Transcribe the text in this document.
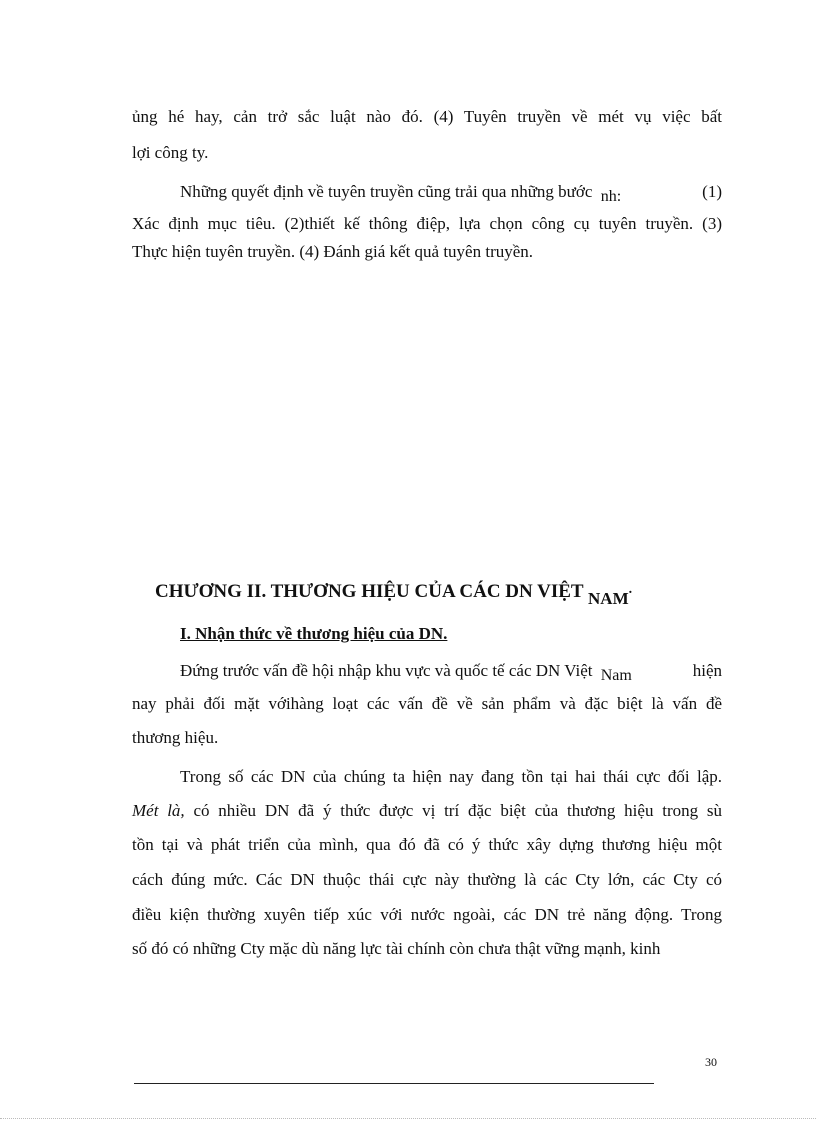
ủng hé hay, cản trở sắc luật nào đó. (4) Tuyên truyền về mét vụ việc bất
lợi công ty.
Những quyết định về tuyên truyền cũng trải qua những bước nh:	(1)
Xác định mục tiêu. (2)thiết kế thông điệp, lựa chọn công cụ tuyên truyền. (3)
Thực hiện tuyên truyền. (4) Đánh giá kết quả tuyên truyền.
CHƯƠNG II. THƯƠNG HIỆU CỦA CÁC DN VIỆT NAM.
I. Nhận thức về thương hiệu của DN.
Đứng trước vấn đề hội nhập khu vực và quốc tế các DN Việt Nam	hiện
nay phải đối mặt vớihàng loạt các vấn đề về sản phẩm và đặc biệt là vấn đề
thương hiệu.
Trong số các DN của chúng ta hiện nay đang tồn tại hai thái cực đối lập.
Mét là, có nhiều DN đã ý thức được vị trí đặc biệt của thương hiệu trong sù
tồn tại và phát triển của mình, qua đó đã có ý thức xây dựng thương hiệu một
cách đúng mức. Các DN thuộc thái cực này thường là các Cty lớn, các Cty có
điều kiện thường xuyên tiếp xúc với nước ngoài, các DN trẻ năng động. Trong
số đó có những Cty mặc dù năng lực tài chính còn chưa thật vững mạnh, kinh
30
